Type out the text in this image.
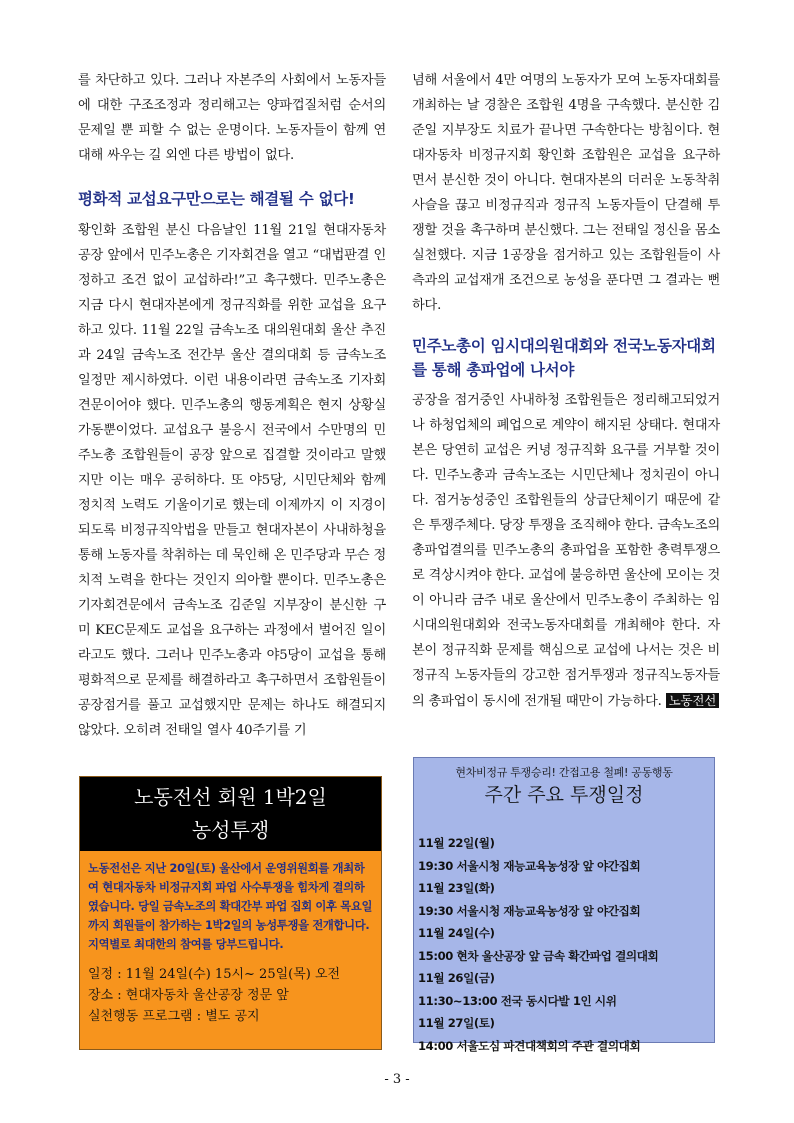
를 차단하고 있다. 그러나 자본주의 사회에서 노동자들에 대한 구조조정과 정리해고는 양파껍질처럼 순서의 문제일 뿐 피할 수 없는 운명이다. 노동자들이 함께 연대해 싸우는 길 외엔 다른 방법이 없다.

평화적 교섭요구만으로는 해결될 수 없다!

황인화 조합원 분신 다음날인 11월 21일 현대자동차 공장 앞에서 민주노총은 기자회견을 열고 “대법판결 인정하고 조건 없이 교섭하라!”고 촉구했다. 민주노총은 지금 다시 현대자본에게 정규직화를 위한 교섭을 요구하고 있다. 11월 22일 금속노조 대의원대회 울산 추진과 24일 금속노조 전간부 울산 결의대회 등 금속노조 일정만 제시하였다. 이런 내용이라면 금속노조 기자회견문이어야 했다. 민주노총의 행동계획은 현지 상황실 가동뿐이었다. 교섭요구 불응시 전국에서 수만명의 민주노총 조합원들이 공장 앞으로 집결할 것이라고 말했지만 이는 매우 공허하다. 또 야5당, 시민단체와 함께 정치적 노력도 기울이기로 했는데 이제까지 이 지경이 되도록 비정규직악법을 만들고 현대자본이 사내하청을 통해 노동자를 착취하는 데 묵인해 온 민주당과 무슨 정치적 노력을 한다는 것인지 의아할 뿐이다. 민주노총은 기자회견문에서 금속노조 김준일 지부장이 분신한 구미 KEC문제도 교섭을 요구하는 과정에서 벌어진 일이라고도 했다. 그러나 민주노총과 야5당이 교섭을 통해 평화적으로 문제를 해결하라고 촉구하면서 조합원들이 공장점거를 풀고 교섭했지만 문제는 하나도 해결되지 않았다. 오히려 전태일 열사 40주기를 기

념해 서울에서 4만 여명의 노동자가 모여 노동자대회를 개최하는 날 경찰은 조합원 4명을 구속했다. 분신한 김준일 지부장도 치료가 끝나면 구속한다는 방침이다. 현대자동차 비정규지회 황인화 조합원은 교섭을 요구하면서 분신한 것이 아니다. 현대자본의 더러운 노동착취 사슬을 끊고 비정규직과 정규직 노동자들이 단결해 투쟁할 것을 촉구하며 분신했다. 그는 전태일 정신을 몸소 실천했다. 지금 1공장을 점거하고 있는 조합원들이 사측과의 교섭재개 조건으로 농성을 푼다면 그 결과는 뻔하다.

민주노총이 임시대의원대회와 전국노동자대회를 통해 총파업에 나서야

공장을 점거중인 사내하청 조합원들은 정리해고되었거나 하청업체의 폐업으로 계약이 해지된 상태다. 현대자본은 당연히 교섭은 커녕 정규직화 요구를 거부할 것이다. 민주노총과 금속노조는 시민단체나 정치권이 아니다. 점거농성중인 조합원들의 상급단체이기 때문에 같은 투쟁주체다. 당장 투쟁을 조직해야 한다. 금속노조의 총파업결의를 민주노총의 총파업을 포함한 총력투쟁으로 격상시켜야 한다. 교섭에 불응하면 울산에 모이는 것이 아니라 금주 내로 울산에서 민주노총이 주최하는 임시대의원대회와 전국노동자대회를 개최해야 한다. 자본이 정규직화 문제를 핵심으로 교섭에 나서는 것은 비정규직 노동자들의 강고한 점거투쟁과 정규직노동자들의 총파업이 동시에 전개될 때만이 가능하다. 노동전선

노동전선 회원 1박2일
농성투쟁
노동전선은 지난 20일(토) 울산에서 운영위원회를 개최하여 현대자동차 비정규지회 파업 사수투쟁을 힘차게 결의하였습니다. 당일 금속노조의 확대간부 파업 집회 이후 목요일까지 회원들이 참가하는 1박2일의 농성투쟁을 전개합니다. 지역별로 최대한의 참여를 당부드립니다.
일정 : 11월 24일(수) 15시~ 25일(목) 오전
장소 : 현대자동차 울산공장 정문 앞
실천행동 프로그램 : 별도 공지
현차비정규 투쟁승리! 간접고용 철폐! 공동행동
주간 주요 투쟁일정
11월 22일(월)
19:30 서울시청 재능교육농성장 앞 야간집회
11월 23일(화)
19:30 서울시청 재능교육농성장 앞 야간집회
11월 24일(수)
15:00 현차 울산공장 앞 금속 확간파업 결의대회
11월 26일(금)
11:30~13:00 전국 동시다발 1인 시위
11월 27일(토)
14:00 서울도심 파견대책회의 주관 결의대회
- 3 -
